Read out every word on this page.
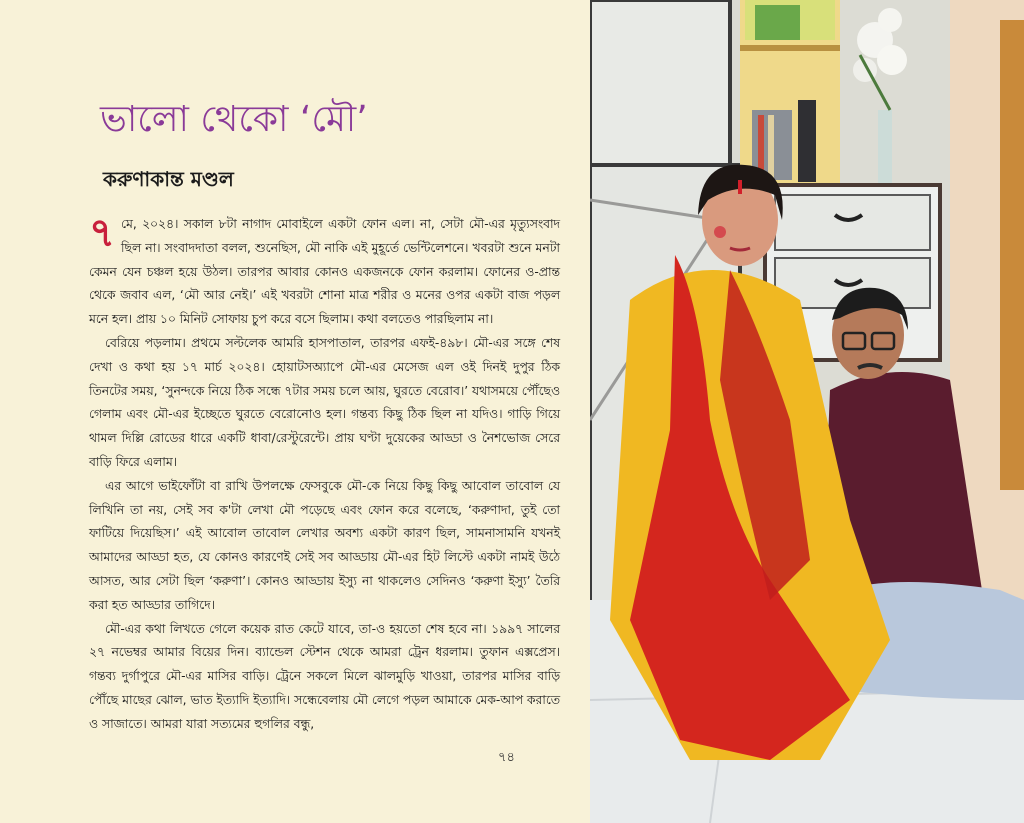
ভালো থেকো ‘মৌ’
করুণাকান্ত মণ্ডল

৭ মে, ২০২৪। সকাল ৮টা নাগাদ মোবাইলে একটা ফোন এল। না, সেটা মৌ-এর মৃত্যুসংবাদ ছিল না। সংবাদদাতা বলল, শুনেছিস, মৌ নাকি এই মুহূর্তে ভেন্টিলেশনে। খবরটা শুনে মনটা কেমন যেন চঞ্চল হয়ে উঠল। তারপর আবার কোনও একজনকে ফোন করলাম। ফোনের ও-প্রান্ত থেকে জবাব এল, ‘মৌ আর নেই।’ এই খবরটা শোনা মাত্র শরীর ও মনের ওপর একটা বাজ পড়ল মনে হল। প্রায় ১০ মিনিট সোফায় চুপ করে বসে ছিলাম। কথা বলতেও পারছিলাম না।

বেরিয়ে পড়লাম। প্রথমে সল্টলেক আমরি হাসপাতাল, তারপর এফই-৪৯৮। মৌ-এর সঙ্গে শেষ দেখা ও কথা হয় ১৭ মার্চ ২০২৪। হোয়াটসঅ্যাপে মৌ-এর মেসেজ এল ওই দিনই দুপুর ঠিক তিনটের সময়, ‘সুনন্দকে নিয়ে ঠিক সন্ধে ৭টার সময় চলে আয়, ঘুরতে বেরোব।’ যথাসময়ে পৌঁছেও গেলাম এবং মৌ-এর ইচ্ছেতে ঘুরতে বেরোনোও হল। গন্তব্য কিছু ঠিক ছিল না যদিও। গাড়ি গিয়ে থামল দিল্লি রোডের ধারে একটি ধাবা/রেস্টুরেন্টে। প্রায় ঘণ্টা দুয়েকের আড্ডা ও নৈশভোজ সেরে বাড়ি ফিরে এলাম।

এর আগে ভাইফোঁটা বা রাখি উপলক্ষে ফেসবুকে মৌ-কে নিয়ে কিছু কিছু আবোল তাবোল যে লিখিনি তা নয়, সেই সব ক'টা লেখা মৌ পড়েছে এবং ফোন করে বলেছে, ‘করুণাদা, তুই তো ফাটিয়ে দিয়েছিস।’ এই আবোল তাবোল লেখার অবশ্য একটা কারণ ছিল, সামনাসামনি যখনই আমাদের আড্ডা হত, যে কোনও কারণেই সেই সব আড্ডায় মৌ-এর হিট লিস্টে একটা নামই উঠে আসত, আর সেটা ছিল ‘করুণা’। কোনও আড্ডায় ইস্যু না থাকলেও সেদিনও ‘করুণা ইস্যু’ তৈরি করা হত আড্ডার তাগিদে।

মৌ-এর কথা লিখতে গেলে কয়েক রাত কেটে যাবে, তা-ও হয়তো শেষ হবে না। ১৯৯৭ সালের ২৭ নভেম্বর আমার বিয়ের দিন। ব্যান্ডেল স্টেশন থেকে আমরা ট্রেন ধরলাম। তুফান এক্সপ্রেস। গন্তব্য দুর্গাপুরে মৌ-এর মাসির বাড়ি। ট্রেনে সকলে মিলে ঝালমুড়ি খাওয়া, তারপর মাসির বাড়ি পৌঁছে মাছের ঝোল, ভাত ইত্যাদি ইত্যাদি। সন্ধেবেলায় মৌ লেগে পড়ল আমাকে মেক-আপ করাতে ও সাজাতে। আমরা যারা সত্যমের হুগলির বন্ধু,

৭৪
